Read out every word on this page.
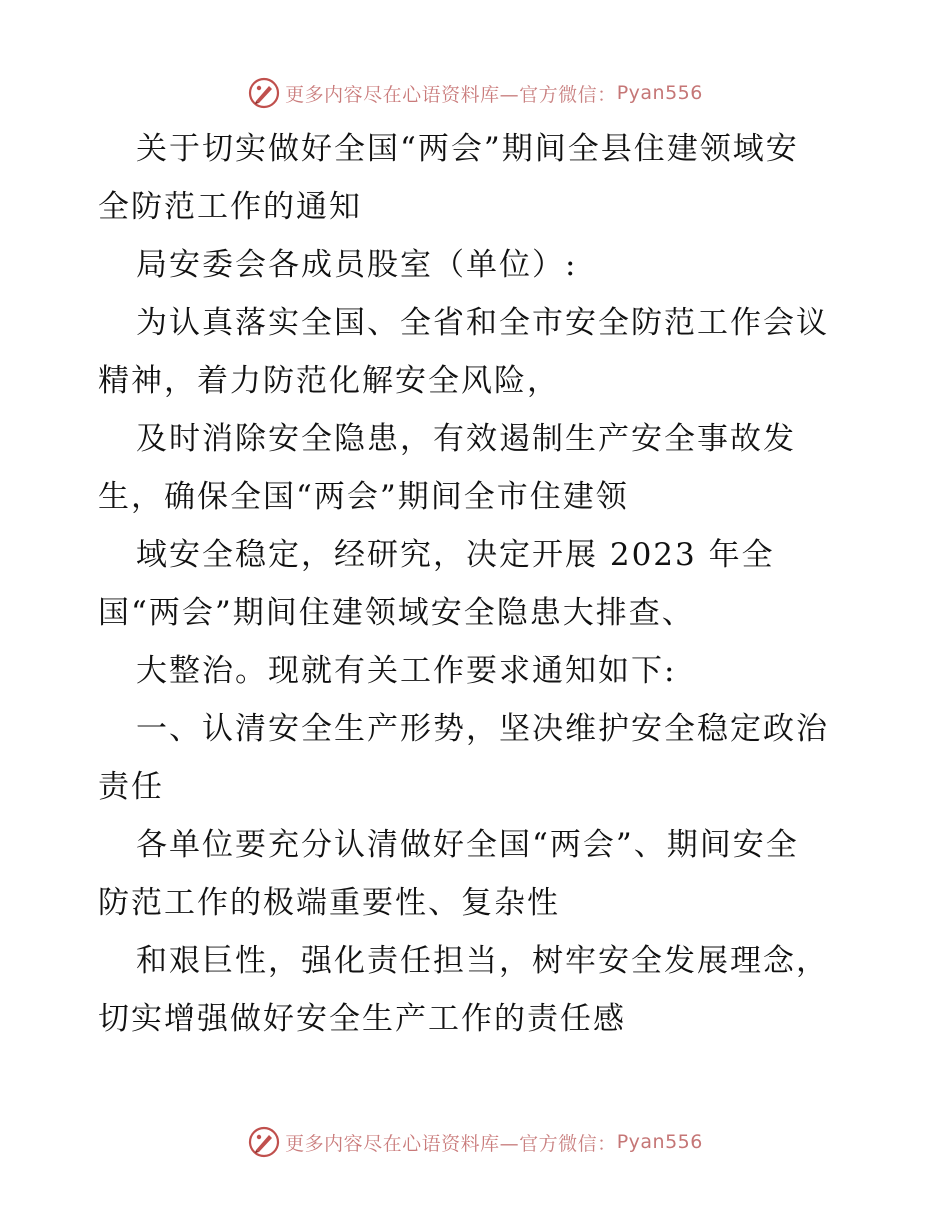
更多内容尽在心语资料库 —官方微信： Pyan556
关于切实做好全国“两会”期间全县住建领域安
全防范工作的通知
局安委会各成员股室（单位）:
为认真落实全国、全省和全市安全防范工作会议
精神，着力防范化解安全风险，
及时消除安全隐患，有效遏制生产安全事故发
生，确保全国“两会”期间全市住建领
域安全稳定，经研究，决定开展 2023 年全
国“两会”期间住建领域安全隐患大排查、
大整治。现就有关工作要求通知如下:
一、认清安全生产形势，坚决维护安全稳定政治
责任
各单位要充分认清做好全国“两会”、期间安全
防范工作的极端重要性、复杂性
和艰巨性，强化责任担当，树牢安全发展理念，
切实增强做好安全生产工作的责任感
更多内容尽在心语资料库 —官方微信： Pyan556
